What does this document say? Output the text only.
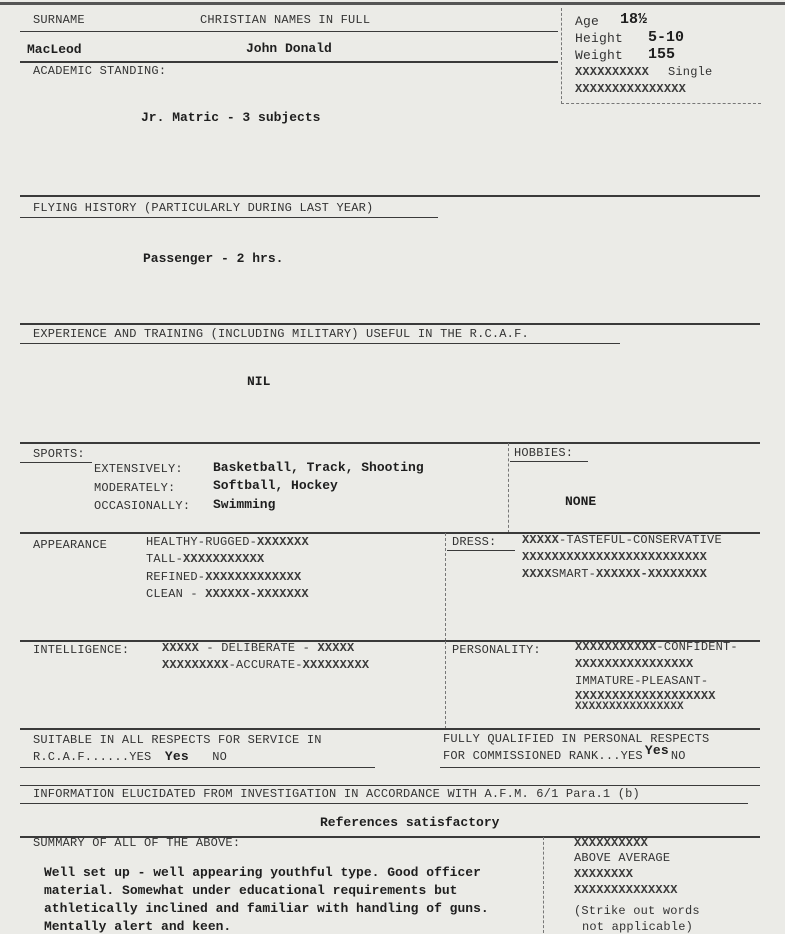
SURNAME	CHRISTIAN NAMES IN FULL
MacLeod	John Donald
Age 18½
Height 5-10
Weight 155
XXXXXXXXXX Single
XXXXXXXXXXXXXXX
ACADEMIC STANDING:
Jr. Matric - 3 subjects
FLYING HISTORY (PARTICULARLY DURING LAST YEAR)
Passenger - 2 hrs.
EXPERIENCE AND TRAINING (INCLUDING MILITARY) USEFUL IN THE R.C.A.F.
NIL
SPORTS:
EXTENSIVELY: Basketball, Track, Shooting
MODERATELY:	Softball, Hockey
OCCASIONALLY: Swimming
HOBBIES:
NONE
APPEARANCE	HEALTHY-RUGGED-XXXXXXX
TALL-XXXXXXXXXXX
REFINED-XXXXXXXXXXXXX
CLEAN - XXXXXX-XXXXXXX
DRESS: XXXXX-TASTEFUL-CONSERVATIVE
XXXXXXXXXXXXXXXXXXXXXXXXX
XXXXSMART-XXXXXX-XXXXXXXX
INTELLIGENCE:	XXXXX - DELIBERATE - XXXXX
XXXXXXXXX-ACCURATE-XXXXXXXXX
PERSONALITY:	XXXXXXXXXXX-CONFIDENT-
XXXXXXXXXXXXXXXX
IMMATURE-PLEASANT-
XXXXXXXXXXXXXXXXXXX
XXXXXXXXXXXXXXXX
SUITABLE IN ALL RESPECTS FOR SERVICE IN
R.C.A.F......YES Yes NO
FULLY QUALIFIED IN PERSONAL RESPECTS
FOR COMMISSIONED RANK...YES Yes NO
INFORMATION ELUCIDATED FROM INVESTIGATION IN ACCORDANCE WITH A.F.M. 6/1 Para.1 (b)
References satisfactory
SUMMARY OF ALL OF THE ABOVE:
Well set up - well appearing youthful type. Good officer
material. Somewhat under educational requirements but
athletically inclined and familiar with handling of guns.
Mentally alert and keen.
XXXXXXXXXX
ABOVE AVERAGE
XXXXXXXX
XXXXXXXXXXXXXX
(Strike out words
not applicable)
